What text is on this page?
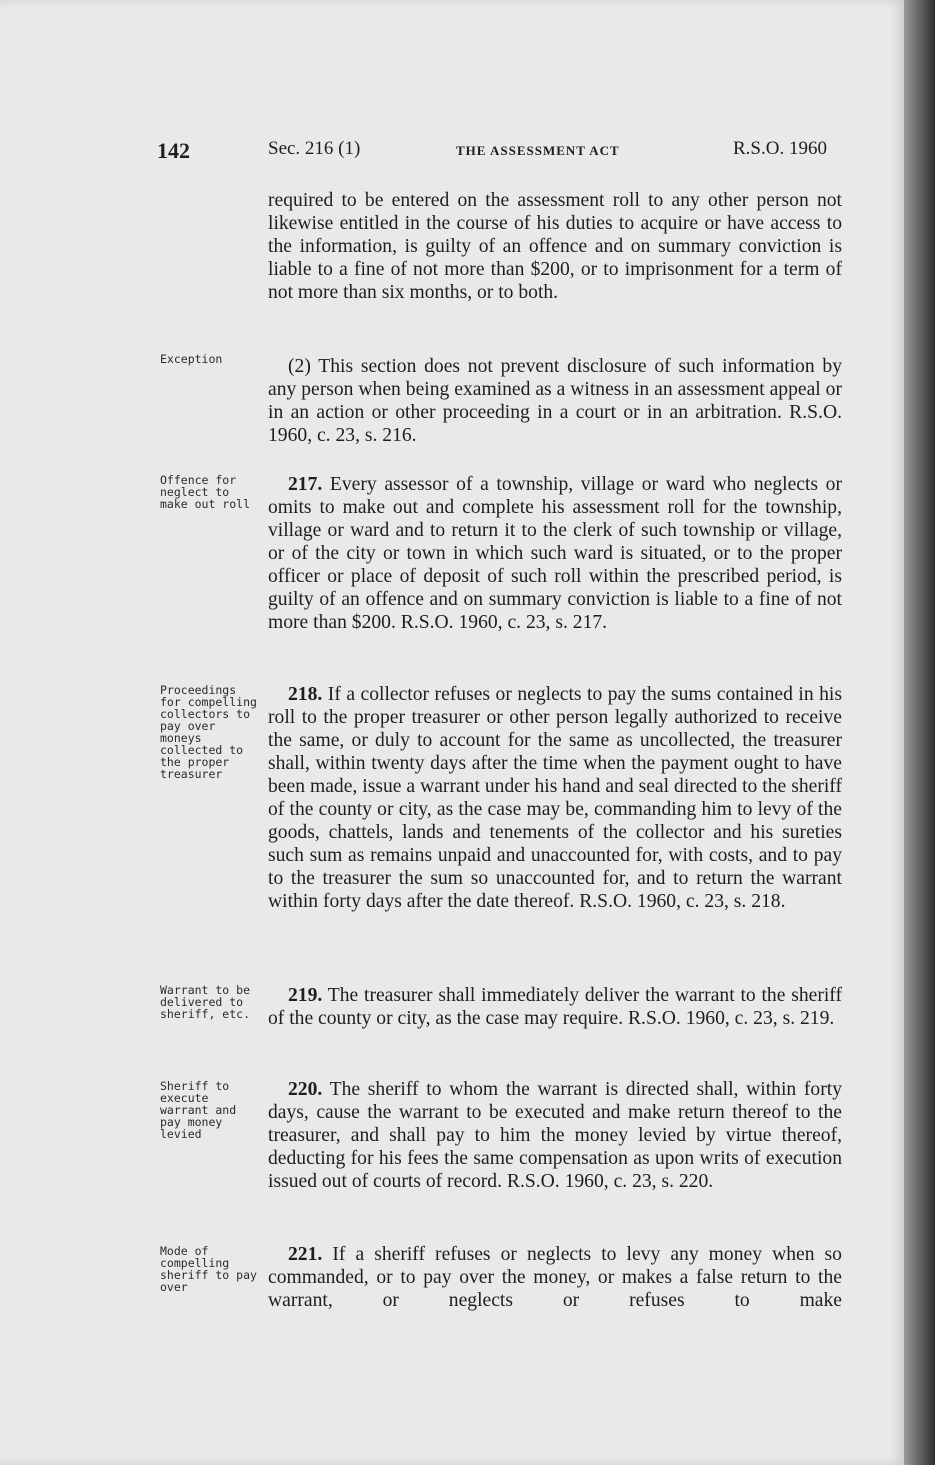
142	Sec. 216 (1)	THE ASSESSMENT ACT	R.S.O. 1960

required to be entered on the assessment roll to any other person not likewise entitled in the course of his duties to acquire or have access to the information, is guilty of an offence and on summary conviction is liable to a fine of not more than $200, or to imprisonment for a term of not more than six months, or to both.

Exception	(2) This section does not prevent disclosure of such information by any person when being examined as a witness in an assessment appeal or in an action or other proceeding in a court or in an arbitration. R.S.O. 1960, c. 23, s. 216.

Offence for neglect to make out roll

217. Every assessor of a township, village or ward who neglects or omits to make out and complete his assessment roll for the township, village or ward and to return it to the clerk of such township or village, or of the city or town in which such ward is situated, or to the proper officer or place of deposit of such roll within the prescribed period, is guilty of an offence and on summary conviction is liable to a fine of not more than $200. R.S.O. 1960, c. 23, s. 217.

Proceedings for compelling collectors to pay over moneys collected to the proper treasurer

218. If a collector refuses or neglects to pay the sums contained in his roll to the proper treasurer or other person legally authorized to receive the same, or duly to account for the same as uncollected, the treasurer shall, within twenty days after the time when the payment ought to have been made, issue a warrant under his hand and seal directed to the sheriff of the county or city, as the case may be, commanding him to levy of the goods, chattels, lands and tenements of the collector and his sureties such sum as remains unpaid and unaccounted for, with costs, and to pay to the treasurer the sum so unaccounted for, and to return the warrant within forty days after the date thereof. R.S.O. 1960, c. 23, s. 218.

Warrant to be delivered to sheriff, etc.

219. The treasurer shall immediately deliver the warrant to the sheriff of the county or city, as the case may require. R.S.O. 1960, c. 23, s. 219.

Sheriff to execute warrant and pay money levied

220. The sheriff to whom the warrant is directed shall, within forty days, cause the warrant to be executed and make return thereof to the treasurer, and shall pay to him the money levied by virtue thereof, deducting for his fees the same compensation as upon writs of execution issued out of courts of record. R.S.O. 1960, c. 23, s. 220.

Mode of compelling sheriff to pay over

221. If a sheriff refuses or neglects to levy any money when so commanded, or to pay over the money, or makes a false return to the warrant, or neglects or refuses to make
